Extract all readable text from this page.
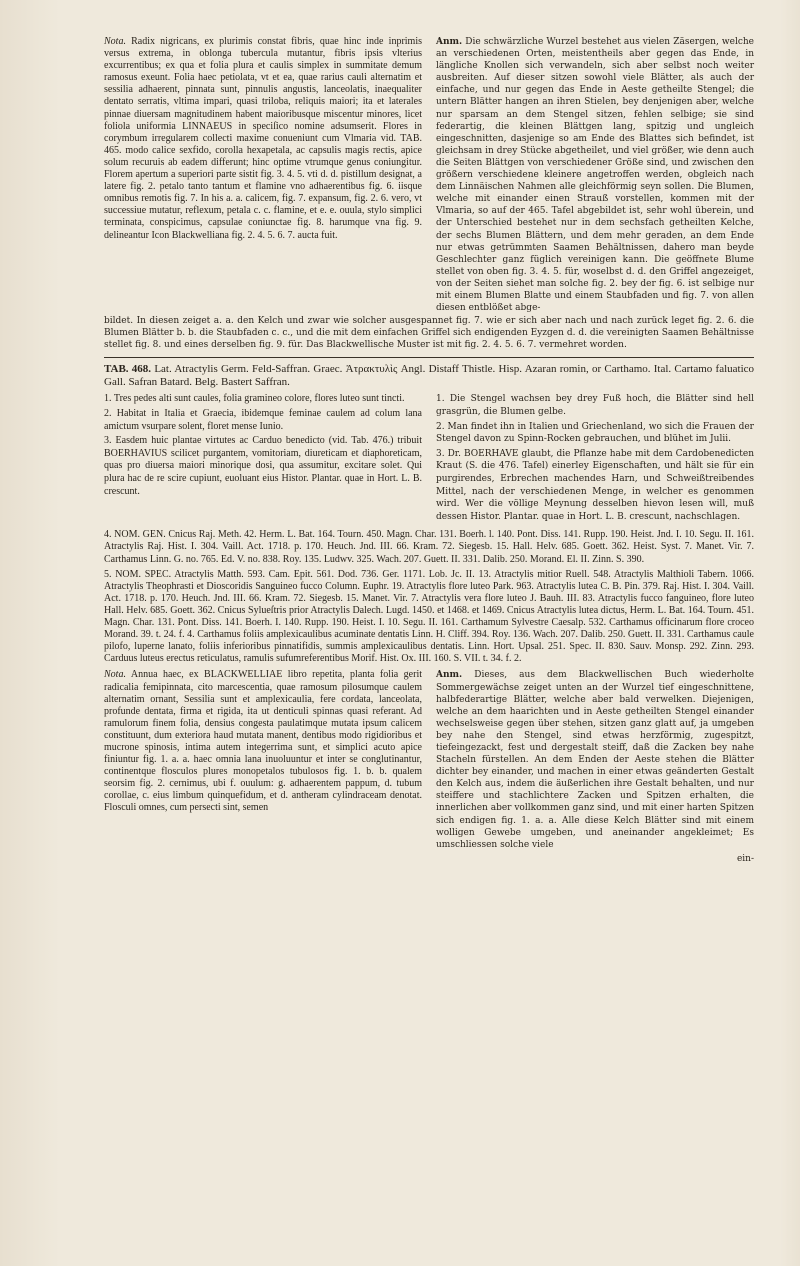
Nota. Radix nigricans, ex plurimis constat fibris, quae hinc inde inprimis versus extrema, in oblonga tubercula mutantur, fibris ipsis vlterius excurrentibus; ex qua et folia plura et caulis simplex in summitate demum ramosus exeunt. Folia haec petiolata, vt et ea, quae rarius cauli alternatim et sessilia adhaerent, pinnata sunt, pinnulis angustis, lanceolatis, inaequaliter dentato serratis, vltima impari, quasi triloba, reliquis maiori; ita et laterales pinnae diuersam magnitudinem habent maioribusque miscentur minores, licet foliola uniformia LINNAEUS in speciſico nomine adsumserit. Flores in corymbum irregularem collecti maxime conueniunt cum Vlmaria vid. TAB. 465. modo calice sexfido, corolla hexapetala, ac capsulis magis rectis, apice solum recuruis ab eadem differunt; hinc optime vtrumque genus coniungitur. Florem apertum a superiori parte sistit fig. 3. 4. 5. vti d. d. pistillum designat, a latere fig. 2. petalo tanto tantum et flamine vno adhaerentibus fig. 6. iisque omnibus remotis fig. 7. In his a. a. calicem, fig. 7. expansum, fig. 2. 6. vero, vt successiue mutatur, reflexum, petala c. c. flamine, et e. e. ouula, stylo simplici terminata, conspicimus, capsulae coniunctae fig. 8. harumque vna fig. 9. delineantur Icon Blackwelliana fig. 2. 4. 5. 6. 7. aucta fuit.

Anm. Die schwärzliche Wurzel bestehet aus vielen Zäsergen, welche an verschiedenen Orten, meistentheils aber gegen das Ende, in längliche Knollen sich verwandeln, sich aber selbst noch weiter ausbreiten. Auf dieser sitzen sowohl viele Blätter, als auch der einfache, und nur gegen das Ende in Aeste getheilte Stengel; die untern Blätter hangen an ihren Stielen, bey denjenigen aber, welche nur sparsam an dem Stengel sitzen, fehlen selbige; sie sind federartig, die kleinen Blättgen lang, spitzig und ungleich eingeschnitten, dasjenige so am Ende des Blattes sich befindet, ist gleichsam in drey Stücke abgetheilet, und viel größer, wie denn auch die Seiten Blättgen von verschiedener Größe sind, und zwischen den größern verschiedene kleinere angetroffen werden, obgleich nach dem Linnäischen Nahmen alle gleichförmig seyn sollen. Die Blumen, welche mit einander einen Strauß vorstellen, kommen mit der Vlmaria, so auf der 465. Tafel abgebildet ist, sehr wohl überein, und der Unterschied bestehet nur in dem sechsfach getheilten Kelche, der sechs Blumen Blättern, und dem mehr geraden, an dem Ende nur etwas getrümmten Saamen Behältnissen, dahero man beyde Geschlechter ganz füglich vereinigen kann. Die geöffnete Blume stellet von oben fig. 3. 4. 5. für, woselbst d. d. den Griffel angezeiget, von der Seiten siehet man solche fig. 2. bey der fig. 6. ist selbige nur mit einem Blumen Blatte und einem Staubfaden und fig. 7. von allen diesen entblößet abge-

bildet. In diesen zeiget a. a. den Kelch und zwar wie solcher ausgespannet fig. 7. wie er sich aber nach und nach zurück leget fig. 2. 6. die Blumen Blätter b. b. die Staubfaden c. c., und die mit dem einfachen Griffel sich endigenden Eyzgen d. d. die vereinigten Saamen Behältnisse stellet fig. 8. und eines derselben fig. 9. für. Das Blackwellische Muster ist mit fig. 2. 4. 5. 6. 7. vermehret worden.

TAB. 468. Lat. Atractylis Germ. Feld-Saffran. Graec. Ἀτρακτυλὶς Angl. Distaff Thistle. Hisp. Azaran romin, or Carthamo. Ital. Cartamo faluatico Gall. Safran Batard. Belg. Bastert Saffran.

1. Tres pedes alti sunt caules, folia gramineo colore, flores luteo sunt tincti.

2. Habitat in Italia et Graecia, ibidemque feminae caulem ad colum lana amictum vsurpare solent, floret mense Iunio.

3. Easdem huic plantae virtutes ac Carduo benedicto (vid. Tab. 476.) tribuit BOERHAVIUS scilicet purgantem, vomitoriam, diureticam et diaphoreticam, quas pro diuersa maiori minorique dosi, qua assumitur, excitare solet. Qui plura hac de re scire cupiunt, euoluant eius Histor. Plantar. quae in Hort. L. B. crescunt.

1. Die Stengel wachsen bey drey Fuß hoch, die Blätter sind hell grasgrün, die Blumen gelbe.

2. Man findet ihn in Italien und Griechenland, wo sich die Frauen der Stengel davon zu Spinn-Rocken gebrauchen, und blühet im Julii.

3. Dr. BOERHAVE glaubt, die Pflanze habe mit dem Cardobenedicten Kraut (S. die 476. Tafel) einerley Eigenschaften, und hält sie für ein purgirendes, Erbrechen machendes Harn, und Schweißtreibendes Mittel, nach der verschiedenen Menge, in welcher es genommen wird. Wer die völlige Meynung desselben hievon lesen will, muß dessen Histor. Plantar. quae in Hort. L. B. crescunt, nachschlagen.

4. NOM. GEN. Cnicus Raj. Meth. 42. Herm. L. Bat. 164. Tourn. 450. Magn. Char. 131. Boerh. l. 140. Pont. Diss. 141. Rupp. 190. Heist. Jnd. I. 10. Segu. II. 161. Atractylis Raj. Hist. I. 304. Vaill. Act. 1718. p. 170. Heuch. Jnd. III. 66. Kram. 72. Siegesb. 15. Hall. Helv. 685. Goett. 362. Heist. Syst. 7. Manet. Vir. 7. Carthamus Linn. G. no. 765. Ed. V. no. 838. Roy. 135. Ludwv. 325. Wach. 207. Guett. II. 331. Dalib. 250. Morand. El. II. Zinn. S. 390.

5. NOM. SPEC. Atractylis Matth. 593. Cam. Epit. 561. Dod. 736. Ger. 1171. Lob. Jc. II. 13. Atractylis mitior Ruell. 548. Atractylis Malthioli Tabern. 1066. Atractylis Theophrasti et Dioscoridis Sanguineo fucco Column. Euphr. 19. Atractylis flore luteo Park. 963. Atractylis lutea C. B. Pin. 379. Raj. Hist. I. 304. Vaill. Act. 1718. p. 170. Heuch. Jnd. III. 66. Kram. 72. Siegesb. 15. Manet. Vir. 7. Atractylis vera flore luteo J. Bauh. III. 83. Atractylis fucco fanguineo, flore luteo Hall. Helv. 685. Goett. 362. Cnicus Sylueſtris prior Atractylis Dalech. Lugd. 1450. et 1468. et 1469. Cnicus Atractylis lutea dictus, Herm. L. Bat. 164. Tourn. 451. Magn. Char. 131. Pont. Diss. 141. Boerh. I. 140. Rupp. 190. Heist. I. 10. Segu. II. 161. Carthamum Sylvestre Caesalp. 532. Carthamus officinarum flore croceo Morand. 39. t. 24. f. 4. Carthamus foliis amplexicaulibus acuminate dentatis Linn. H. Cliff. 394. Roy. 136. Wach. 207. Dalib. 250. Guett. II. 331. Carthamus caule pilofo, luperne lanato, foliis inferioribus pinnatifidis, summis amplexicaulibus dentatis. Linn. Hort. Upsal. 251. Spec. II. 830. Sauv. Monsp. 292. Zinn. 293. Carduus luteus erectus reticulatus, ramulis sufumreferentibus Morif. Hist. Ox. III. 160. S. VII. t. 34. f. 2.

Nota. Annua haec, ex BLACKWELLIAE libro repetita, planta folia gerit radicalia femipinnata, cito marcescentia, quae ramosum pilosumque caulem alternatim ornant, Sessilia sunt et amplexicaulia, fere cordata, lanceolata, profunde dentata, firma et rigida, ita ut denticuli spinnas quasi referant. Ad ramulorum finem folia, densius congesta paulatimque mutata ipsum calicem constituunt, dum exteriora haud mutata manent, dentibus modo rigidioribus et mucrone spinosis, intima autem integerrima sunt, et simplici acuto apice finiuntur fig. 1. a. a. haec omnia lana inuoluuntur et inter se conglutinantur, continentque flosculos plures monopetalos tubulosos fig. 1. b. b. qualem seorsim fig. 2. cernimus, ubi f. ouulum: g. adhaerentem pappum, d. tubum corollae, c. eius limbum quinquefidum, et d. antheram cylindraceam denotat. Flosculi omnes, cum persecti sint, semen

Anm. Dieses, aus dem Blackwellischen Buch wiederholte Sommergewächse zeiget unten an der Wurzel tief eingeschnittene, halbfederartige Blätter, welche aber bald verwelken. Diejenigen, welche an dem haarichten und in Aeste getheilten Stengel einander wechselsweise gegen über stehen, sitzen ganz glatt auf, ja umgeben bey nahe den Stengel, sind etwas herzförmig, zugespitzt, tiefeingezackt, fest und dergestalt steiff, daß die Zacken bey nahe Stacheln fürstellen. An dem Enden der Aeste stehen die Blätter dichter bey einander, und machen in einer etwas geänderten Gestalt den Kelch aus, indem die äußerlichen ihre Gestalt behalten, und nur steiffere und stachlichtere Zacken und Spitzen erhalten, die innerlichen aber vollkommen ganz sind, und mit einer harten Spitzen sich endigen fig. 1. a. a. Alle diese Kelch Blätter sind mit einem wolligen Gewebe umgeben, und aneinander angekleimet; Es umschliessen solche viele

ein-
